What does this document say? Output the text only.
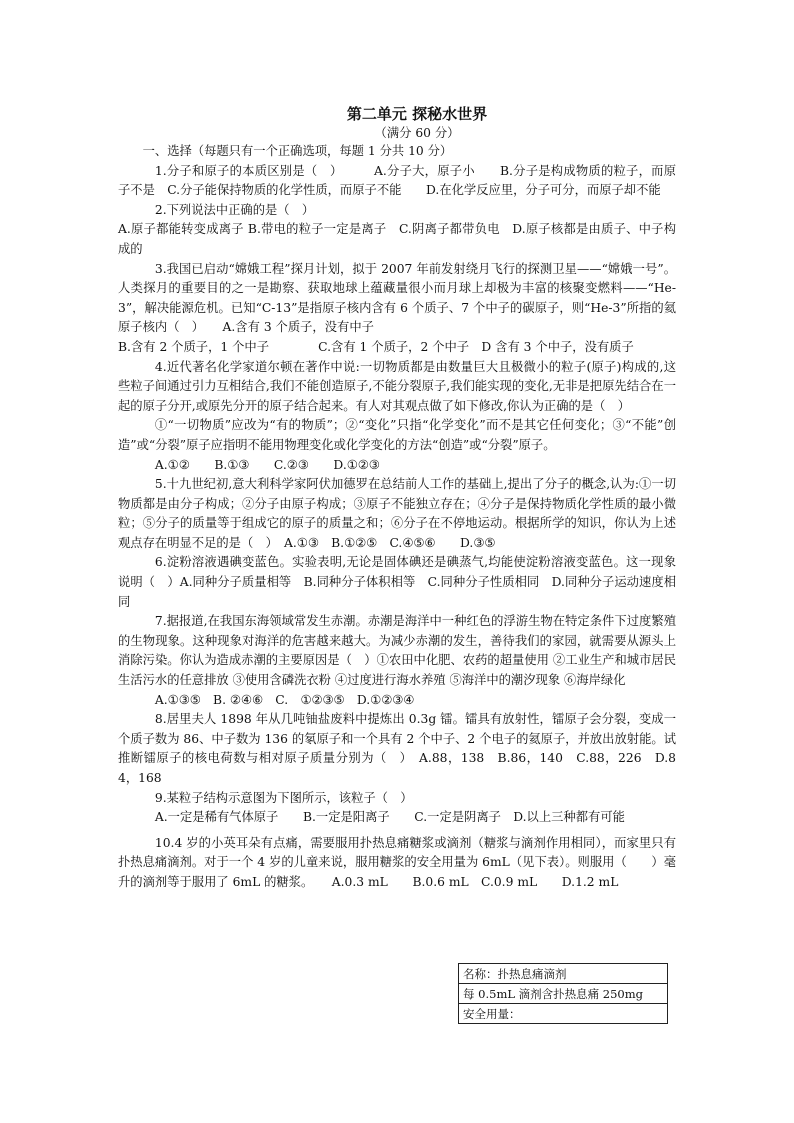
第二单元 探秘水世界
（满分 60 分）

一、选择（每题只有一个正确选项，每题 1 分共 10 分）

1.分子和原子的本质区别是（　）　　　A.分子大，原子小　　B.分子是构成物质的粒子，而原子不是　C.分子能保持物质的化学性质，而原子不能　　D.在化学反应里，分子可分，而原子却不能

2.下列说法中正确的是（　）

A.原子都能转变成离子 B.带电的粒子一定是离子　C.阴离子都带负电　D.原子核都是由质子、中子构成的

3.我国已启动“嫦娥工程”探月计划，拟于 2007 年前发射绕月飞行的探测卫星——“嫦娥一号”。人类探月的重要目的之一是勘察、获取地球上蕴藏量很小而月球上却极为丰富的核聚变燃料——“He-3”，解决能源危机。已知“C-13”是指原子核内含有 6 个质子、7 个中子的碳原子，则“He-3”所指的氦原子核内（　）　　A.含有 3 个质子，没有中子

B.含有 2 个质子，1 个中子　　　　C.含有 1 个质子，2 个中子　D 含有 3 个中子，没有质子

4.近代著名化学家道尔顿在著作中说:一切物质都是由数量巨大且极微小的粒子(原子)构成的,这些粒子间通过引力互相结合,我们不能创造原子,不能分裂原子,我们能实现的变化,无非是把原先结合在一起的原子分开,或原先分开的原子结合起来。有人对其观点做了如下修改,你认为正确的是（　）

①“一切物质”应改为“有的物质”；②“变化”只指“化学变化”而不是其它任何变化；③“不能”创造”或“分裂”原子应指明不能用物理变化或化学变化的方法“创造”或“分裂”原子。

A.①②　　B.①③　　C.②③　　D.①②③

5.十九世纪初,意大利科学家阿伏加德罗在总结前人工作的基础上,提出了分子的概念,认为:①一切物质都是由分子构成；②分子由原子构成；③原子不能独立存在；④分子是保持物质化学性质的最小微粒；⑤分子的质量等于组成它的原子的质量之和；⑥分子在不停地运动。根据所学的知识，你认为上述观点存在明显不足的是（　）　A.①③　B.①②⑤　C.④⑤⑥　　D.③⑤

6.淀粉溶液遇碘变蓝色。实验表明,无论是固体碘还是碘蒸气,均能使淀粉溶液变蓝色。这一现象说明（　）A.同种分子质量相等　B.同种分子体积相等　C.同种分子性质相同　D.同种分子运动速度相同

7.据报道,在我国东海领域常发生赤潮。赤潮是海洋中一种红色的浮游生物在特定条件下过度繁殖的生物现象。这种现象对海洋的危害越来越大。为减少赤潮的发生，善待我们的家园，就需要从源头上消除污染。你认为造成赤潮的主要原因是（　）①农田中化肥、农药的超量使用 ②工业生产和城市居民生活污水的任意排放 ③使用含磷洗衣粉 ④过度进行海水养殖 ⑤海洋中的潮汐现象 ⑥海岸绿化

A.①③⑤　B. ②④⑥　C.　①②③⑤　D.①②③④

8.居里夫人 1898 年从几吨铀盐废料中提炼出 0.3g 镭。镭具有放射性，镭原子会分裂，变成一个质子数为 86、中子数为 136 的氡原子和一个具有 2 个中子、2 个电子的氦原子，并放出放射能。试推断镭原子的核电荷数与相对原子质量分别为（　）　A.88，138　B.86，140　C.88，226　D.84，168

9.某粒子结构示意图为下图所示，该粒子（　）

A.一定是稀有气体原子　　B.一定是阳离子　　C.一定是阴离子　D.以上三种都有可能

10.4 岁的小英耳朵有点痛，需要服用扑热息痛糖浆或滴剂（糖浆与滴剂作用相同），而家里只有扑热息痛滴剂。对于一个 4 岁的儿童来说，服用糖浆的安全用量为 6mL（见下表）。则服用（　　）毫升的滴剂等于服用了 6mL 的糖浆。　　A.0.3 mL　　B.0.6 mL　C.0.9 mL　　D.1.2 mL

名称：扑热息痛滴剂
每 0.5mL 滴剂含扑热息痛 250mg
安全用量：
